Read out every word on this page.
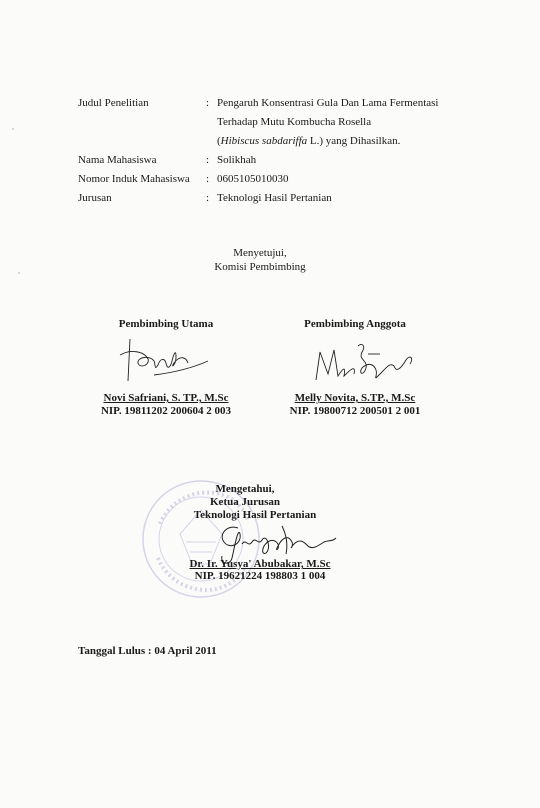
Judul Penelitian	: Pengaruh Konsentrasi Gula Dan Lama Fermentasi
Terhadap Mutu Kombucha Rosella
(Hibiscus sabdariffa L.) yang Dihasilkan.
Nama Mahasiswa	: Solikhah
Nomor Induk Mahasiswa : 0605105010030
Jurusan	: Teknologi Hasil Pertanian
Menyetujui,
Komisi Pembimbing
Pembimbing Utama
Novi Safriani, S. TP., M.Sc
NIP. 19811202 200604 2 003
Pembimbing Anggota
Melly Novita, S.TP., M.Sc
NIP. 19800712 200501 2 001
Mengetahui,
Ketua Jurusan
Teknologi Hasil Pertanian
Dr. Ir. Yusya' Abubakar, M.Sc
NIP. 19621224 198803 1 004
Tanggal Lulus : 04 April 2011
